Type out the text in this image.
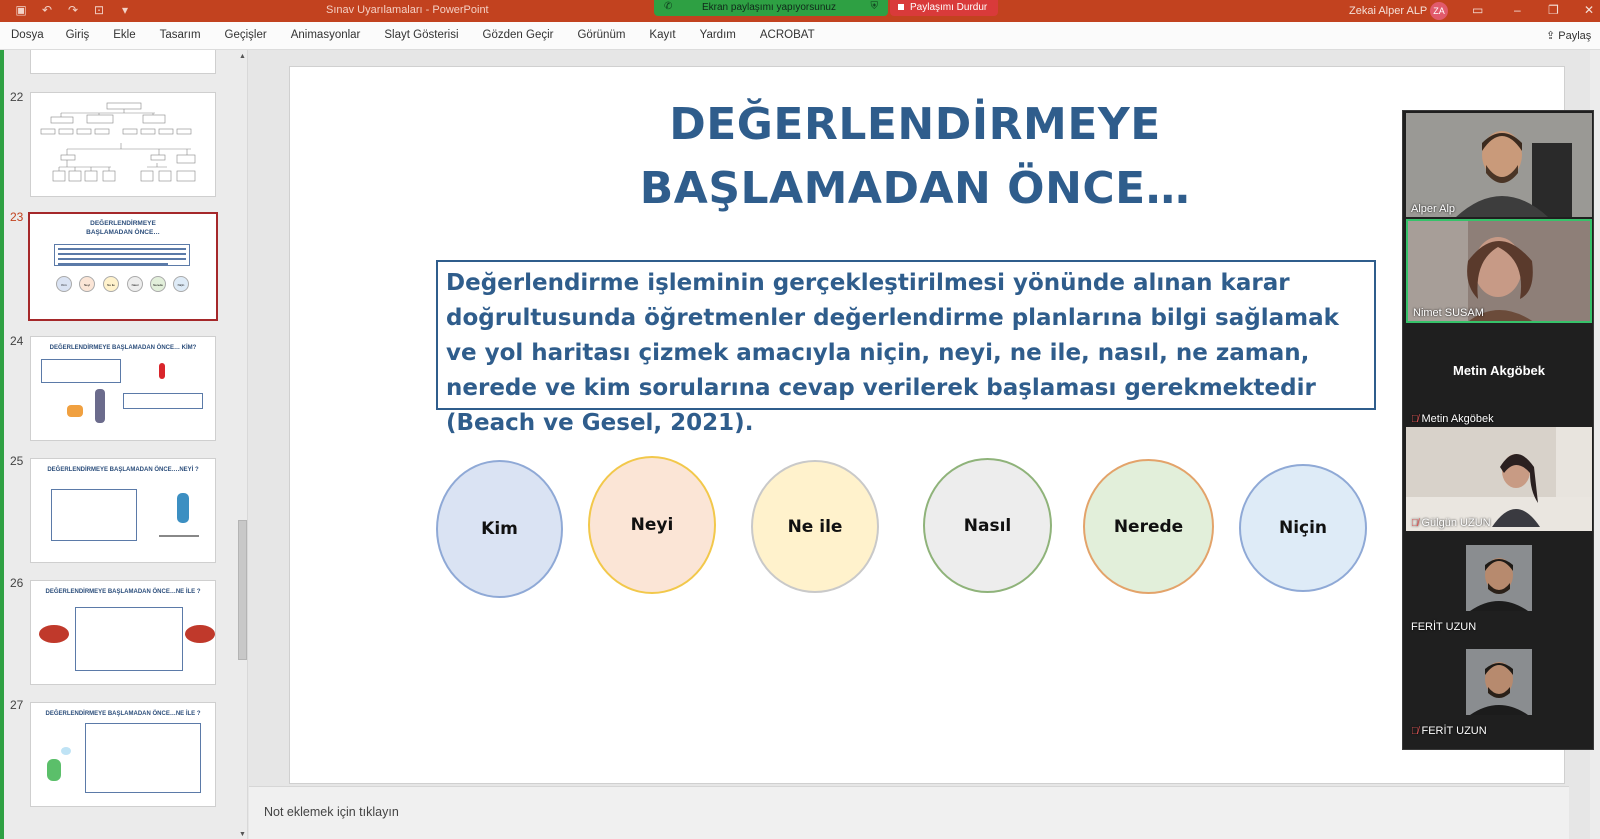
▣ ↶ ↷ ⊡	▾	Sınav Uyarılamaları - PowerPoint	✆	Ekran paylaşımı yapıyorsunuz	⛨	Paylaşımı Durdur	Zekai Alper ALP ZA ▭	– ❐ ✕
Dosya Giriş Ekle Tasarım Geçişler Animasyonlar Slayt Gösterisi Gözden Geçir Görünüm Kayıt Yardım ACROBAT	⇪ Paylaş
22
23	DEĞERLENDİRMEYE
BAŞLAMADAN ÖNCE…
Kim	Neyi	Ne ile	Nasıl	Nerede	Niçin
24	DEĞERLENDİRMEYE BAŞLAMADAN ÖNCE… KİM?
25
DEĞERLENDİRMEYE BAŞLAMADAN ÖNCE….NEYİ ?
26
DEĞERLENDİRMEYE BAŞLAMADAN ÖNCE…NE İLE ?
27
DEĞERLENDİRMEYE BAŞLAMADAN ÖNCE…NE İLE ?
▲
▼
DEĞERLENDİRMEYE
BAŞLAMADAN ÖNCE…
Değerlendirme işleminin gerçekleştirilmesi yönünde alınan karar doğrultusunda öğretmenler değerlendirme planlarına bilgi sağlamak ve yol haritası çizmek amacıyla niçin, neyi, ne ile, nasıl, ne zaman, nerede ve kim sorularına cevap verilerek başlaması gerekmektedir (Beach ve Gesel, 2021).
Kim	Neyi	Ne ile	Nasıl	Nerede	Niçin
Not eklemek için tıklayın
Alper Alp
Nimet SUSAM
Metin Akgöbek
🎙̸ Metin Akgöbek
🎙̸ Gülgün UZUN
FERİT UZUN
🎙̸ FERİT UZUN
